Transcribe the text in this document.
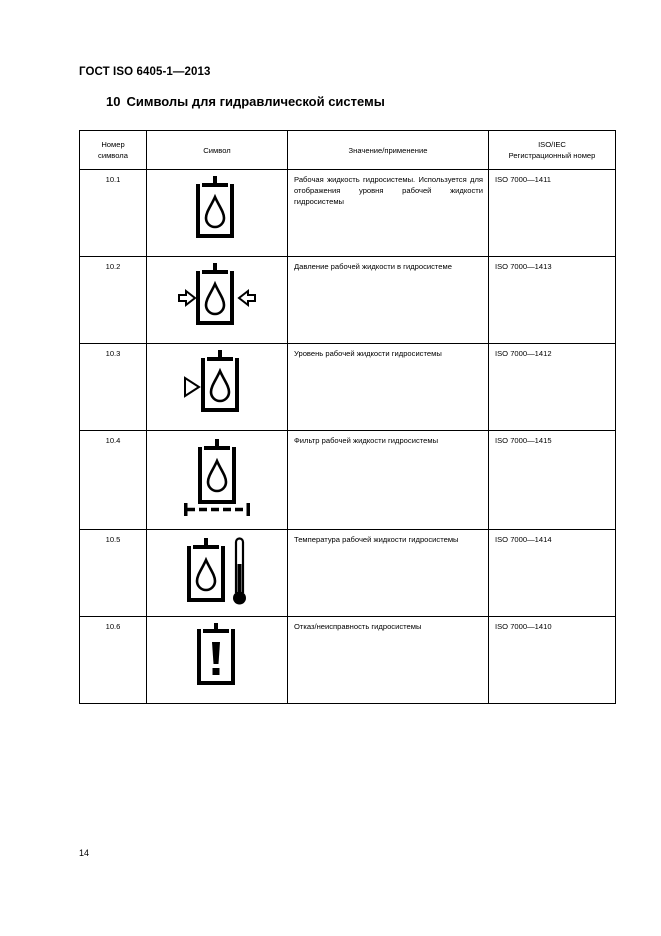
ГОСТ ISO 6405-1—2013
10 Символы для гидравлической системы
Номер символа	Символ	Значение/применение	ISO/IEC
Регистрационный номер

10.1		Рабочая жидкость гидросистемы. Используется для отображения уровня рабочей жидкости гидросистемы	ISO 7000—1411
10.2		Давление рабочей жидкости в гидросистеме	ISO 7000—1413
10.3		Уровень рабочей жидкости гидросистемы	ISO 7000—1412
10.4		Фильтр рабочей жидкости гидросистемы	ISO 7000—1415
10.5		Температура рабочей жидкости гидросистемы	ISO 7000—1414
10.6		Отказ/неисправность гидросистемы	ISO 7000—1410
14
